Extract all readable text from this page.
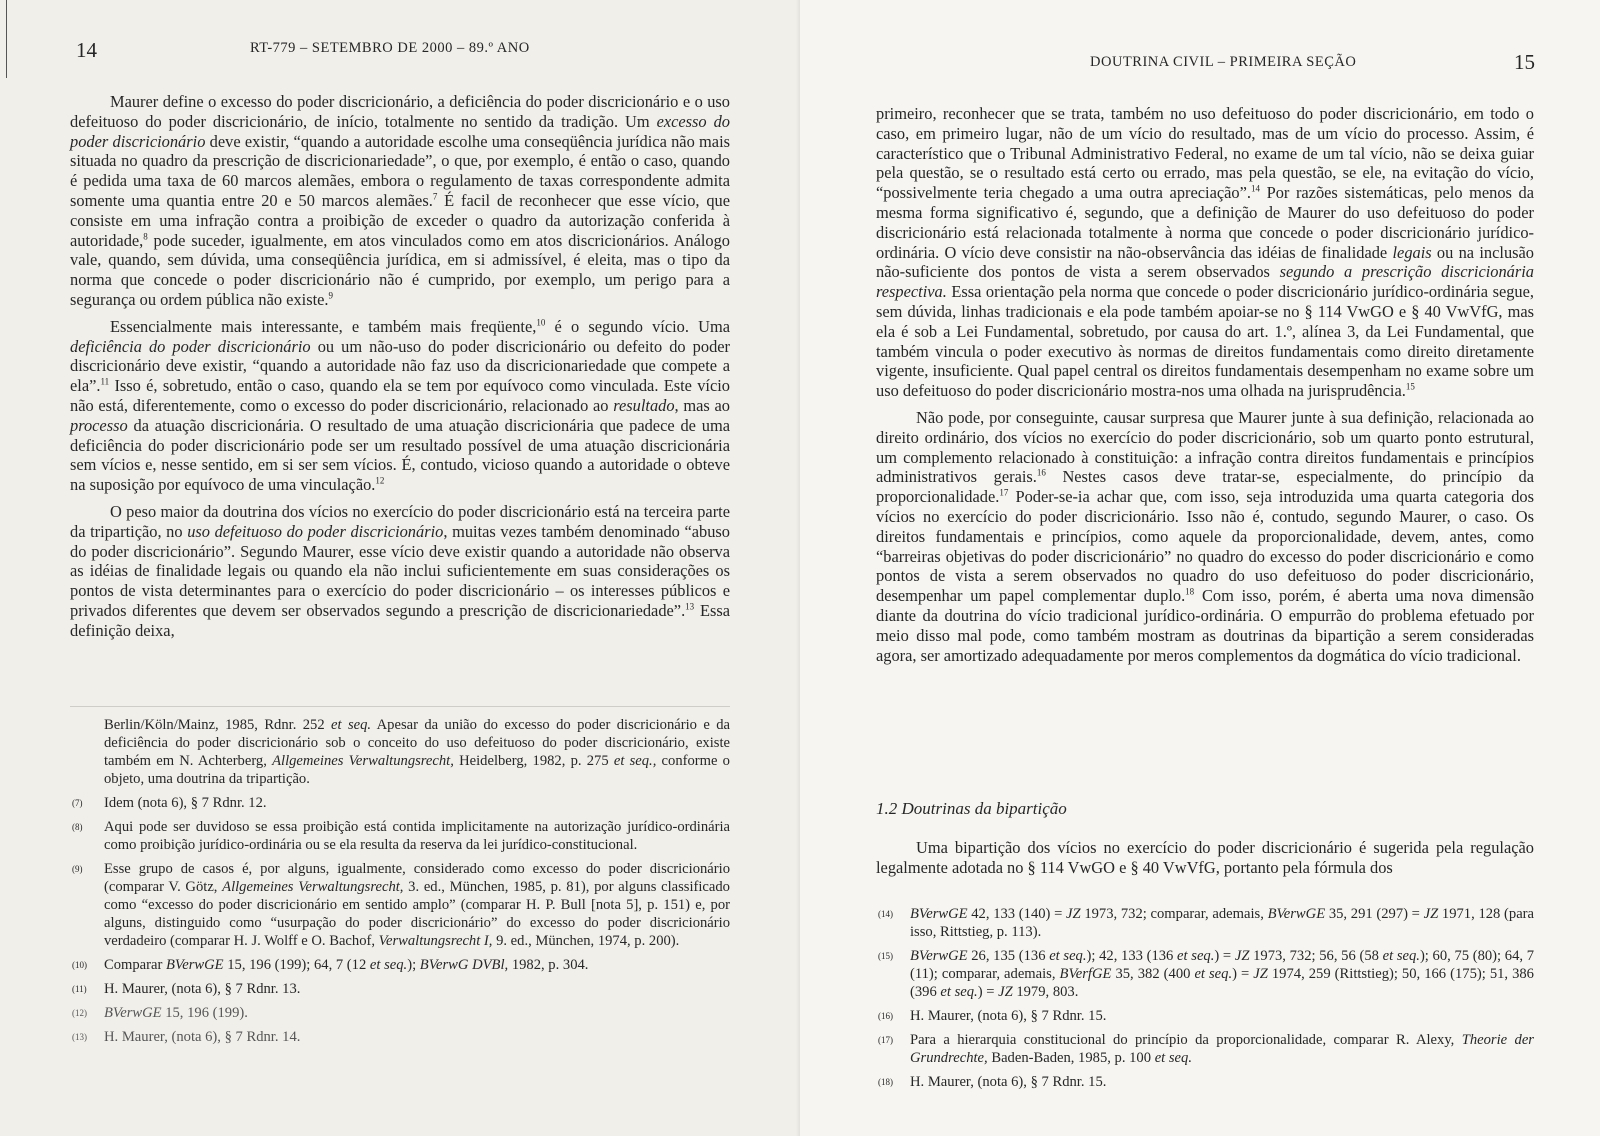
14	RT-779 – SETEMBRO DE 2000 – 89.º ANO

Maurer define o excesso do poder discricionário, a deficiência do poder discricionário e o uso defeituoso do poder discricionário, de início, totalmente no sentido da tradição. Um excesso do poder discricionário deve existir, “quando a autoridade escolhe uma conseqüência jurídica não mais situada no quadro da prescrição de discricionariedade”, o que, por exemplo, é então o caso, quando é pedida uma taxa de 60 marcos alemães, embora o regulamento de taxas correspondente admita somente uma quantia entre 20 e 50 marcos alemães.$^7$ É facil de reconhecer que esse vício, que consiste em uma infração contra a proibição de exceder o quadro da autorização conferida à autoridade,$^8$ pode suceder, igualmente, em atos vinculados como em atos discricionários. Análogo vale, quando, sem dúvida, uma conseqüência jurídica, em si admissível, é eleita, mas o tipo da norma que concede o poder discricionário não é cumprido, por exemplo, um perigo para a segurança ou ordem pública não existe.$^9$

Essencialmente mais interessante, e também mais freqüente,$^{10}$ é o segundo vício. Uma deficiência do poder discricionário ou um não-uso do poder discricionário ou defeito do poder discricionário deve existir, “quando a autoridade não faz uso da discricionariedade que compete a ela”.$^{11}$ Isso é, sobretudo, então o caso, quando ela se tem por equívoco como vinculada. Este vício não está, diferentemente, como o excesso do poder discricionário, relacionado ao resultado, mas ao processo da atuação discricionária. O resultado de uma atuação discricionária que padece de uma deficiência do poder discricionário pode ser um resultado possível de uma atuação discricionária sem vícios e, nesse sentido, em si ser sem vícios. É, contudo, vicioso quando a autoridade o obteve na suposição por equívoco de uma vinculação.$^{12}$

O peso maior da doutrina dos vícios no exercício do poder discricionário está na terceira parte da tripartição, no uso defeituoso do poder discricionário, muitas vezes também denominado “abuso do poder discricionário”. Segundo Maurer, esse vício deve existir quando a autoridade não observa as idéias de finalidade legais ou quando ela não inclui suficientemente em suas considerações os pontos de vista determinantes para o exercício do poder discricionário – os interesses públicos e privados diferentes que devem ser observados segundo a prescrição de discricionariedade”.$^{13}$ Essa definição deixa,

Berlin/Köln/Mainz, 1985, Rdnr. 252 et seq. Apesar da união do excesso do poder discricionário e da deficiência do poder discricionário sob o conceito do uso defeituoso do poder discricionário, existe também em N. Achterberg, Allgemeines Verwaltungsrecht, Heidelberg, 1982, p. 275 et seq., conforme o objeto, uma doutrina da tripartição.
(7) Idem (nota 6), § 7 Rdnr. 12.
(8) Aqui pode ser duvidoso se essa proibição está contida implicitamente na autorização jurídico-ordinária como proibição jurídico-ordinária ou se ela resulta da reserva da lei jurídico-constitucional.
(9) Esse grupo de casos é, por alguns, igualmente, considerado como excesso do poder discricionário (comparar V. Götz, Allgemeines Verwaltungsrecht, 3. ed., München, 1985, p. 81), por alguns classificado como “excesso do poder discricionário em sentido amplo” (comparar H. P. Bull [nota 5], p. 151) e, por alguns, distinguido como “usurpação do poder discricionário” do excesso do poder discricionário verdadeiro (comparar H. J. Wolff e O. Bachof, Verwaltungsrecht I, 9. ed., München, 1974, p. 200).
(10) Comparar BVerwGE 15, 196 (199); 64, 7 (12 et seq.); BVerwG DVBl, 1982, p. 304.
(11) H. Maurer, (nota 6), § 7 Rdnr. 13.
(12) BVerwGE 15, 196 (199).
(13) H. Maurer, (nota 6), § 7 Rdnr. 14.
DOUTRINA CIVIL – PRIMEIRA SEÇÃO	15

primeiro, reconhecer que se trata, também no uso defeituoso do poder discricionário, em todo o caso, em primeiro lugar, não de um vício do resultado, mas de um vício do processo. Assim, é característico que o Tribunal Administrativo Federal, no exame de um tal vício, não se deixa guiar pela questão, se o resultado está certo ou errado, mas pela questão, se ele, na evitação do vício, “possivelmente teria chegado a uma outra apreciação”.$^{14}$ Por razões sistemáticas, pelo menos da mesma forma significativo é, segundo, que a definição de Maurer do uso defeituoso do poder discricionário está relacionada totalmente à norma que concede o poder discricionário jurídico-ordinária. O vício deve consistir na não-observância das idéias de finalidade legais ou na inclusão não-suficiente dos pontos de vista a serem observados segundo a prescrição discricionária respectiva. Essa orientação pela norma que concede o poder discricionário jurídico-ordinária segue, sem dúvida, linhas tradicionais e ela pode também apoiar-se no § 114 VwGO e § 40 VwVfG, mas ela é sob a Lei Fundamental, sobretudo, por causa do art. 1.º, alínea 3, da Lei Fundamental, que também vincula o poder executivo às normas de direitos fundamentais como direito diretamente vigente, insuficiente. Qual papel central os direitos fundamentais desempenham no exame sobre um uso defeituoso do poder discricionário mostra-nos uma olhada na jurisprudência.$^{15}$

Não pode, por conseguinte, causar surpresa que Maurer junte à sua definição, relacionada ao direito ordinário, dos vícios no exercício do poder discricionário, sob um quarto ponto estrutural, um complemento relacionado à constituição: a infração contra direitos fundamentais e princípios administrativos gerais.$^{16}$ Nestes casos deve tratar-se, especialmente, do princípio da proporcionalidade.$^{17}$ Poder-se-ia achar que, com isso, seja introduzida uma quarta categoria dos vícios no exercício do poder discricionário. Isso não é, contudo, segundo Maurer, o caso. Os direitos fundamentais e princípios, como aquele da proporcionalidade, devem, antes, como “barreiras objetivas do poder discricionário” no quadro do excesso do poder discricionário e como pontos de vista a serem observados no quadro do uso defeituoso do poder discricionário, desempenhar um papel complementar duplo.$^{18}$ Com isso, porém, é aberta uma nova dimensão diante da doutrina do vício tradicional jurídico-ordinária. O empurrão do problema efetuado por meio disso mal pode, como também mostram as doutrinas da bipartição a serem consideradas agora, ser amortizado adequadamente por meros complementos da dogmática do vício tradicional.

1.2 Doutrinas da bipartição

Uma bipartição dos vícios no exercício do poder discricionário é sugerida pela regulação legalmente adotada no § 114 VwGO e § 40 VwVfG, portanto pela fórmula dos

(14) BVerwGE 42, 133 (140) = JZ 1973, 732; comparar, ademais, BVerwGE 35, 291 (297) = JZ 1971, 128 (para isso, Rittstieg, p. 113).
(15) BVerwGE 26, 135 (136 et seq.); 42, 133 (136 et seq.) = JZ 1973, 732; 56, 56 (58 et seq.); 60, 75 (80); 64, 7 (11); comparar, ademais, BVerfGE 35, 382 (400 et seq.) = JZ 1974, 259 (Rittstieg); 50, 166 (175); 51, 386 (396 et seq.) = JZ 1979, 803.
(16) H. Maurer, (nota 6), § 7 Rdnr. 15.
(17) Para a hierarquia constitucional do princípio da proporcionalidade, comparar R. Alexy, Theorie der Grundrechte, Baden-Baden, 1985, p. 100 et seq.
(18) H. Maurer, (nota 6), § 7 Rdnr. 15.
